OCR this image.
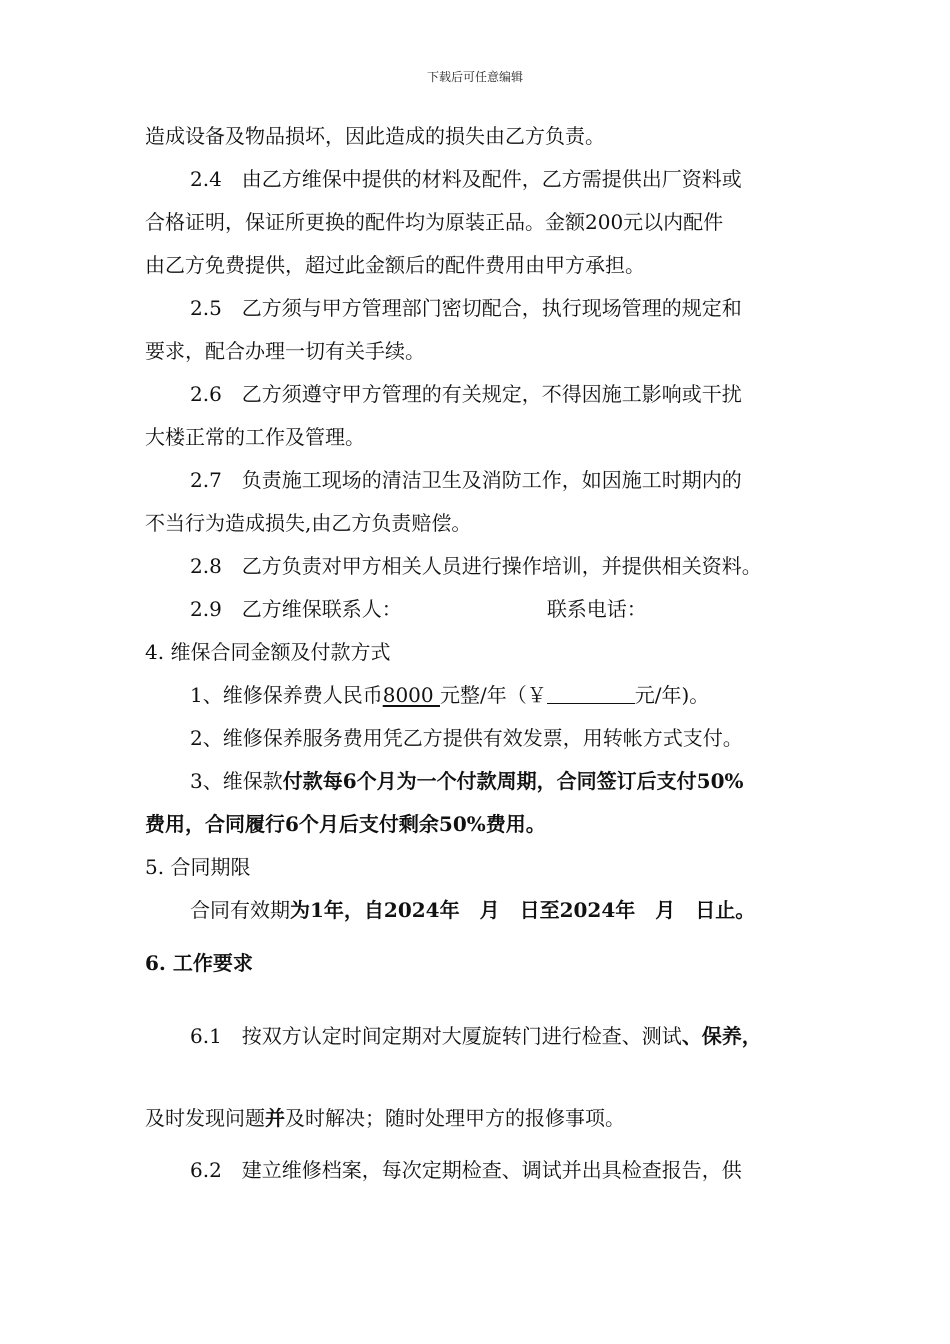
下载后可任意编辑
造成设备及物品损坏，因此造成的损失由乙方负责。
2.4　由乙方维保中提供的材料及配件，乙方需提供出厂资料或
合格证明，保证所更换的配件均为原装正品。金额200元以内配件
由乙方免费提供，超过此金额后的配件费用由甲方承担。
2.5　乙方须与甲方管理部门密切配合，执行现场管理的规定和
要求，配合办理一切有关手续。
2.6　乙方须遵守甲方管理的有关规定，不得因施工影响或干扰
大楼正常的工作及管理。
2.7　负责施工现场的清洁卫生及消防工作，如因施工时期内的
不当行为造成损失,由乙方负责赔偿。
2.8　乙方负责对甲方相关人员进行操作培训，并提供相关资料。
2.9　乙方维保联系人：	联系电话：
4. 维保合同金额及付款方式
1、维修保养费人民币8000 元整/年（￥	元/年)。
2、维修保养服务费用凭乙方提供有效发票，用转帐方式支付。
3、维保款付款每6个月为一个付款周期，合同签订后支付50%
费用，合同履行6个月后支付剩余50%费用。
5. 合同期限
合同有效期为1年，自2024年　月　日至2024年　月　日止。
6. 工作要求
6.1　按双方认定时间定期对大厦旋转门进行检查、测试、保养，
及时发现问题并及时解决；随时处理甲方的报修事项。
6.2　建立维修档案，每次定期检查、调试并出具检查报告，供
